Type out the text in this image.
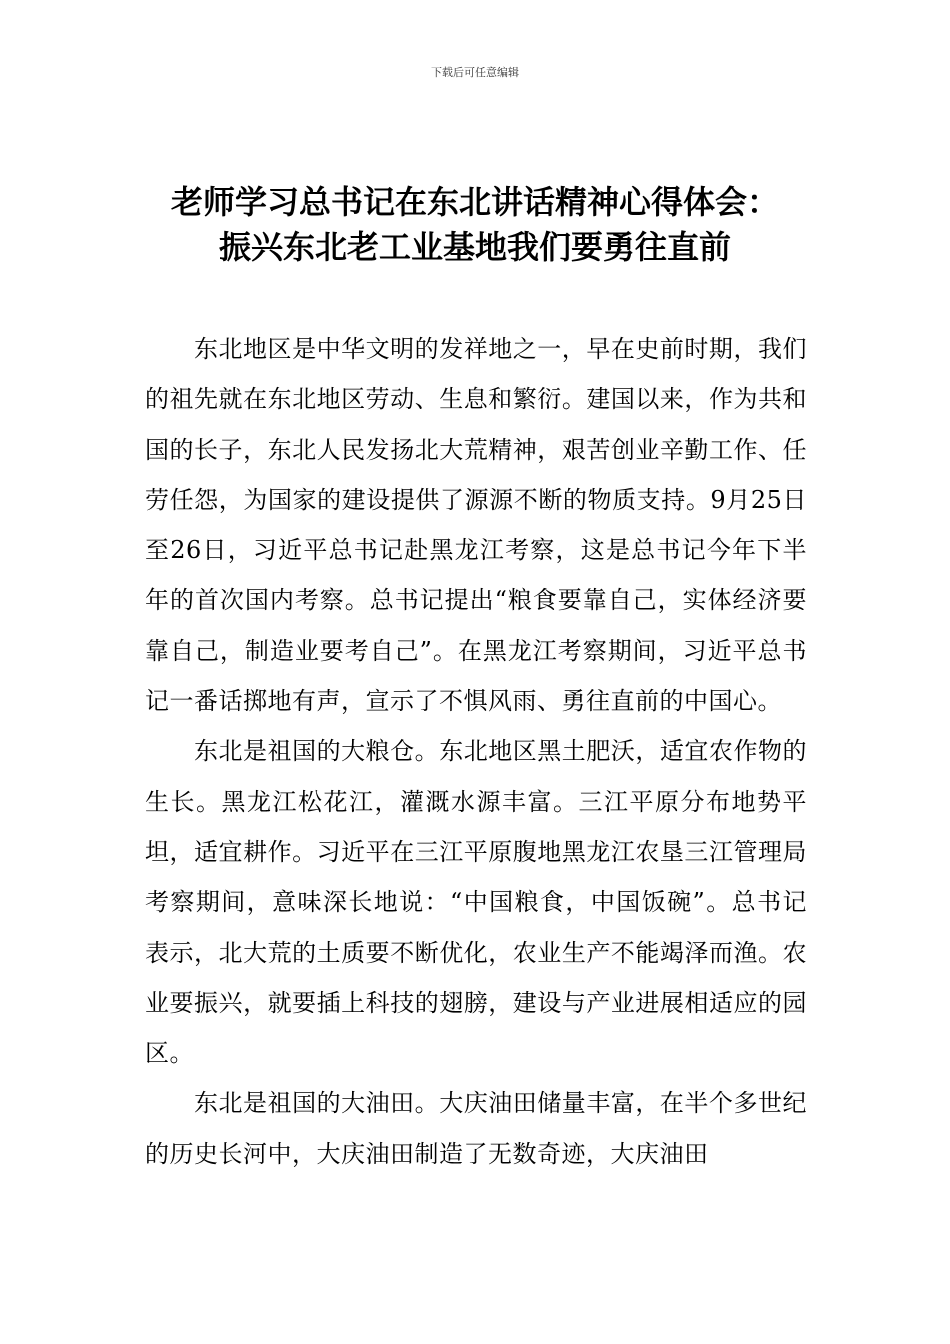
下载后可任意编辑
老师学习总书记在东北讲话精神心得体会：
振兴东北老工业基地我们要勇往直前

东北地区是中华文明的发祥地之一，早在史前时期，我们的祖先就在东北地区劳动、生息和繁衍。建国以来，作为共和国的长子，东北人民发扬北大荒精神，艰苦创业辛勤工作、任劳任怨，为国家的建设提供了源源不断的物质支持。9月25日至26日，习近平总书记赴黑龙江考察，这是总书记今年下半年的首次国内考察。总书记提出“粮食要靠自己，实体经济要靠自己，制造业要考自己”。在黑龙江考察期间，习近平总书记一番话掷地有声，宣示了不惧风雨、勇往直前的中国心。

东北是祖国的大粮仓。东北地区黑土肥沃，适宜农作物的生长。黑龙江松花江，灌溉水源丰富。三江平原分布地势平坦，适宜耕作。习近平在三江平原腹地黑龙江农垦三江管理局考察期间，意味深长地说：“中国粮食，中国饭碗”。总书记表示，北大荒的土质要不断优化，农业生产不能竭泽而渔。农业要振兴，就要插上科技的翅膀，建设与产业进展相适应的园区。

东北是祖国的大油田。大庆油田储量丰富，在半个多世纪的历史长河中，大庆油田制造了无数奇迹，大庆油田
